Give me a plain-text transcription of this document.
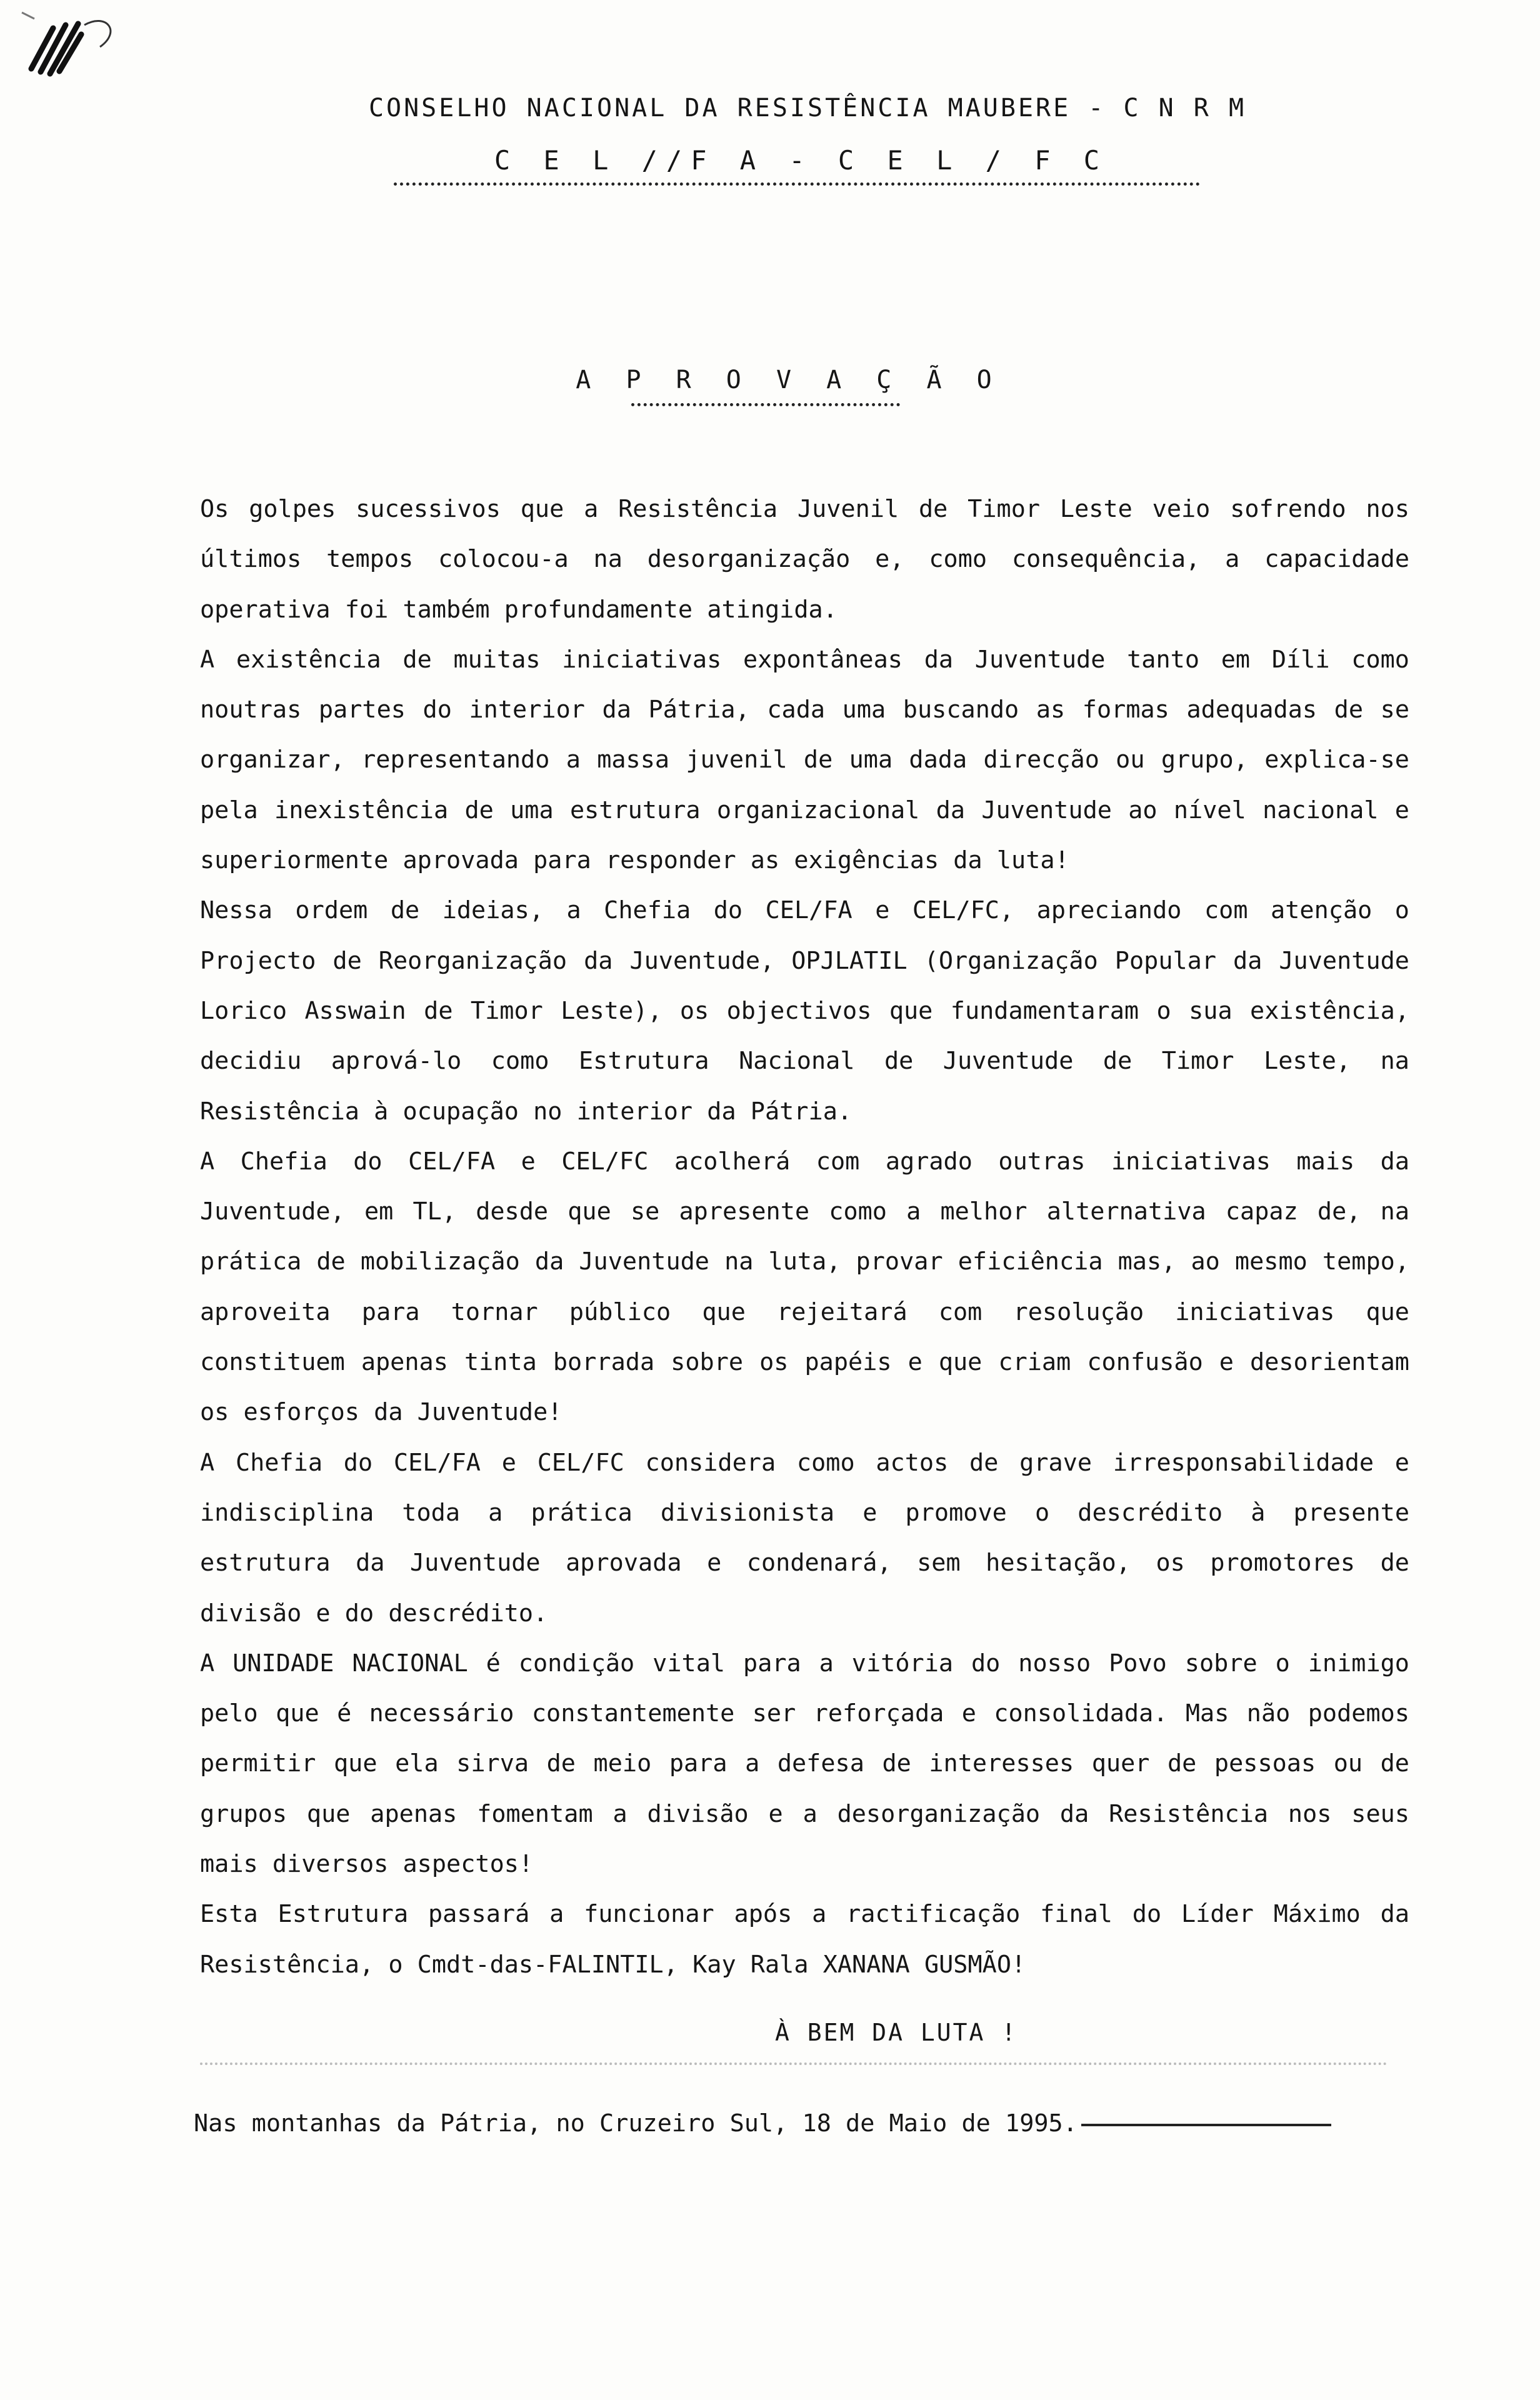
CONSELHO NACIONAL DA RESISTÊNCIA MAUBERE - C N R M
C E L //F A - C E L / F C
A P R O V A Ç Ã O

Os golpes sucessivos que a Resistência Juvenil de Timor Leste veio sofrendo nos últimos tempos colocou-a na desorganização e, como consequência, a capacidade operativa foi também profundamente atingida.

A existência de muitas iniciativas expontâneas da Juventude tanto em Díli como noutras partes do interior da Pátria, cada uma buscando as formas adequadas de se organizar, representando a massa juvenil de uma dada direcção ou grupo, explica-se pela inexistência de uma estrutura organizacional da Juventude ao nível nacional e superiormente aprovada para responder as exigências da luta!

Nessa ordem de ideias, a Chefia do CEL/FA e CEL/FC, apreciando com atenção o Projecto de Reorganização da Juventude, OPJLATIL (Organização Popular da Juventude Lorico Asswain de Timor Leste), os objectivos que fundamentaram o sua existência, decidiu aprová-lo como Estrutura Nacional de Juventude de Timor Leste, na Resistência à ocupação no interior da Pátria.

A Chefia do CEL/FA e CEL/FC acolherá com agrado outras iniciativas mais da Juventude, em TL, desde que se apresente como a melhor alternativa capaz de, na prática de mobilização da Juventude na luta, provar eficiência mas, ao mesmo tempo, aproveita para tornar público que rejeitará com resolução iniciativas que constituem apenas tinta borrada sobre os papéis e que criam confusão e desorientam os esforços da Juventude!

A Chefia do CEL/FA e CEL/FC considera como actos de grave irresponsabilidade e indisciplina toda a prática divisionista e promove o descrédito à presente estrutura da Juventude aprovada e condenará, sem hesitação, os promotores de divisão e do descrédito.

A UNIDADE NACIONAL é condição vital para a vitória do nosso Povo sobre o inimigo pelo que é necessário constantemente ser reforçada e consolidada. Mas não podemos permitir que ela sirva de meio para a defesa de interesses quer de pessoas ou de grupos que apenas fomentam a divisão e a desorganização da Resistência nos seus mais diversos aspectos!

Esta Estrutura passará a funcionar após a ractificação final do Líder Máximo da Resistência, o Cmdt-das-FALINTIL, Kay Rala XANANA GUSMÃO!

À BEM DA LUTA !
Nas montanhas da Pátria, no Cruzeiro Sul, 18 de Maio de 1995.
